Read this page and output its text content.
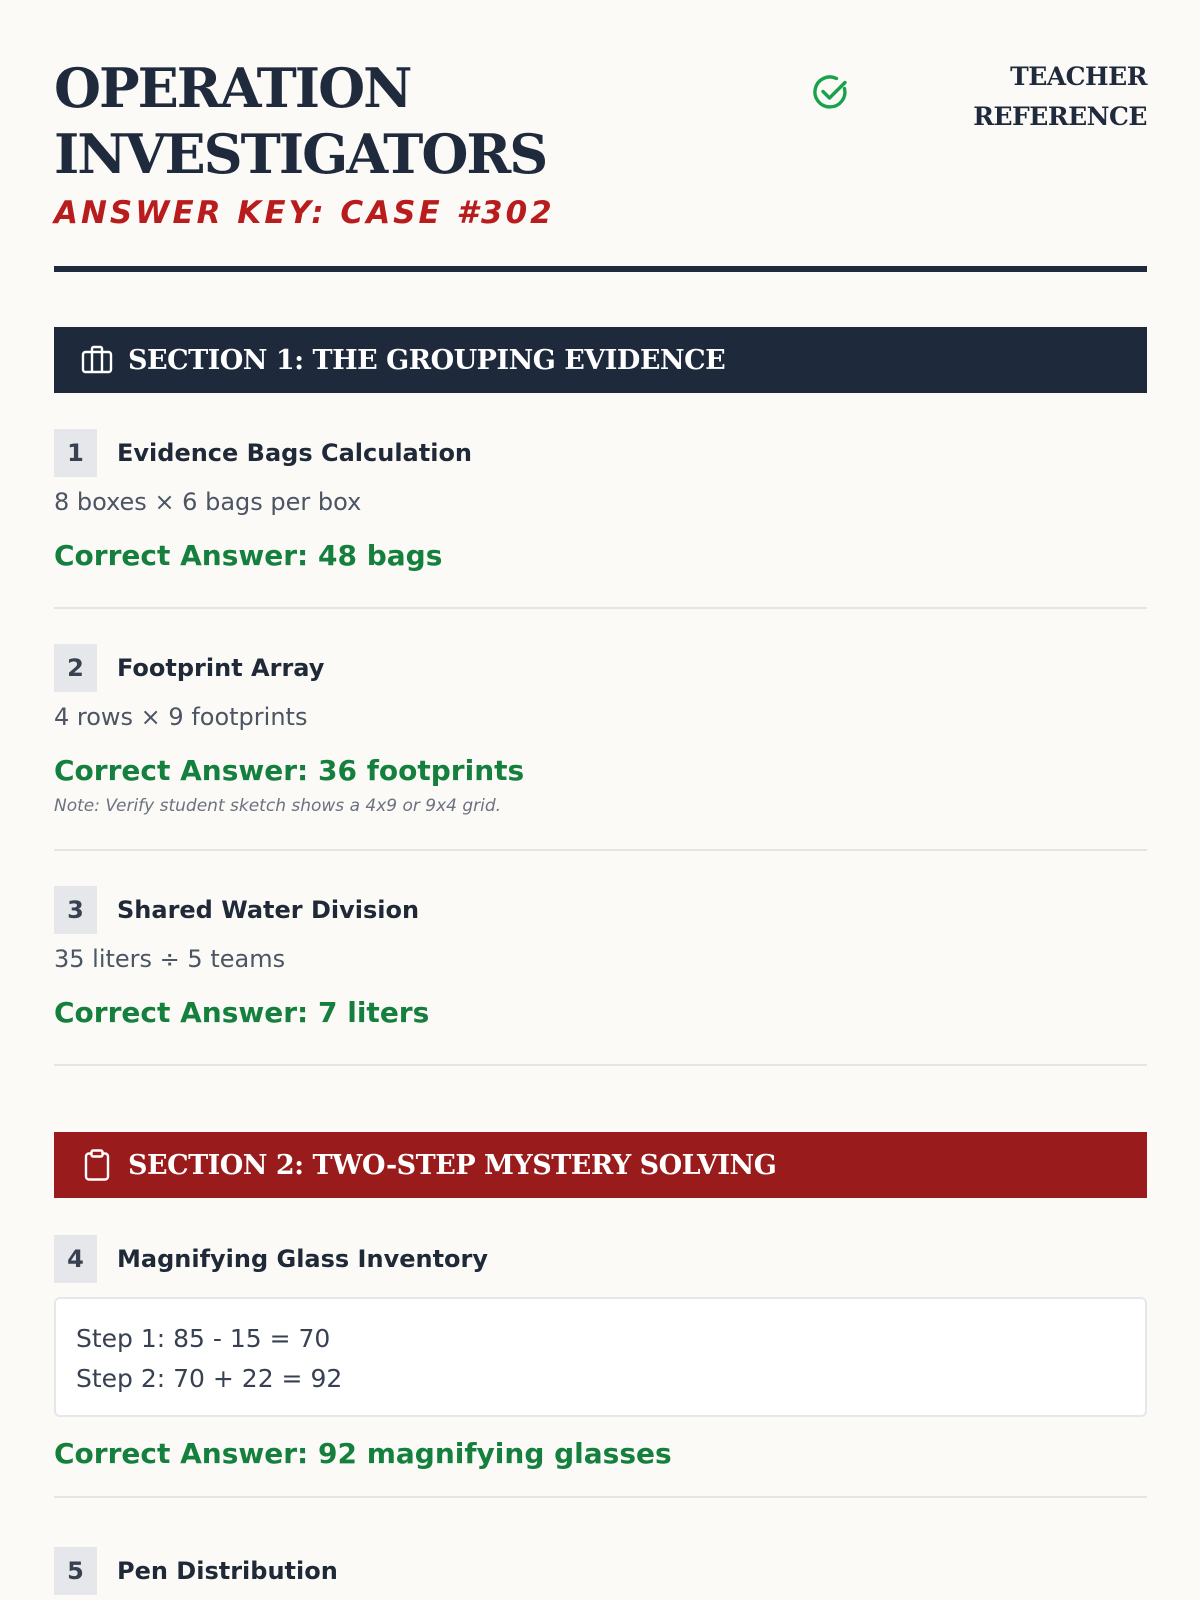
OPERATION
INVESTIGATORS
ANSWER KEY: CASE #302
TEACHER
REFERENCE
SECTION 1: THE GROUPING EVIDENCE
1	Evidence Bags Calculation
8 boxes × 6 bags per box
Correct Answer: 48 bags
2	Footprint Array
4 rows × 9 footprints
Correct Answer: 36 footprints
Note: Verify student sketch shows a 4x9 or 9x4 grid.
3	Shared Water Division
35 liters ÷ 5 teams
Correct Answer: 7 liters
SECTION 2: TWO-STEP MYSTERY SOLVING
4	Magnifying Glass Inventory
Step 1: 85 - 15 = 70
Step 2: 70 + 22 = 92
Correct Answer: 92 magnifying glasses
5	Pen Distribution
